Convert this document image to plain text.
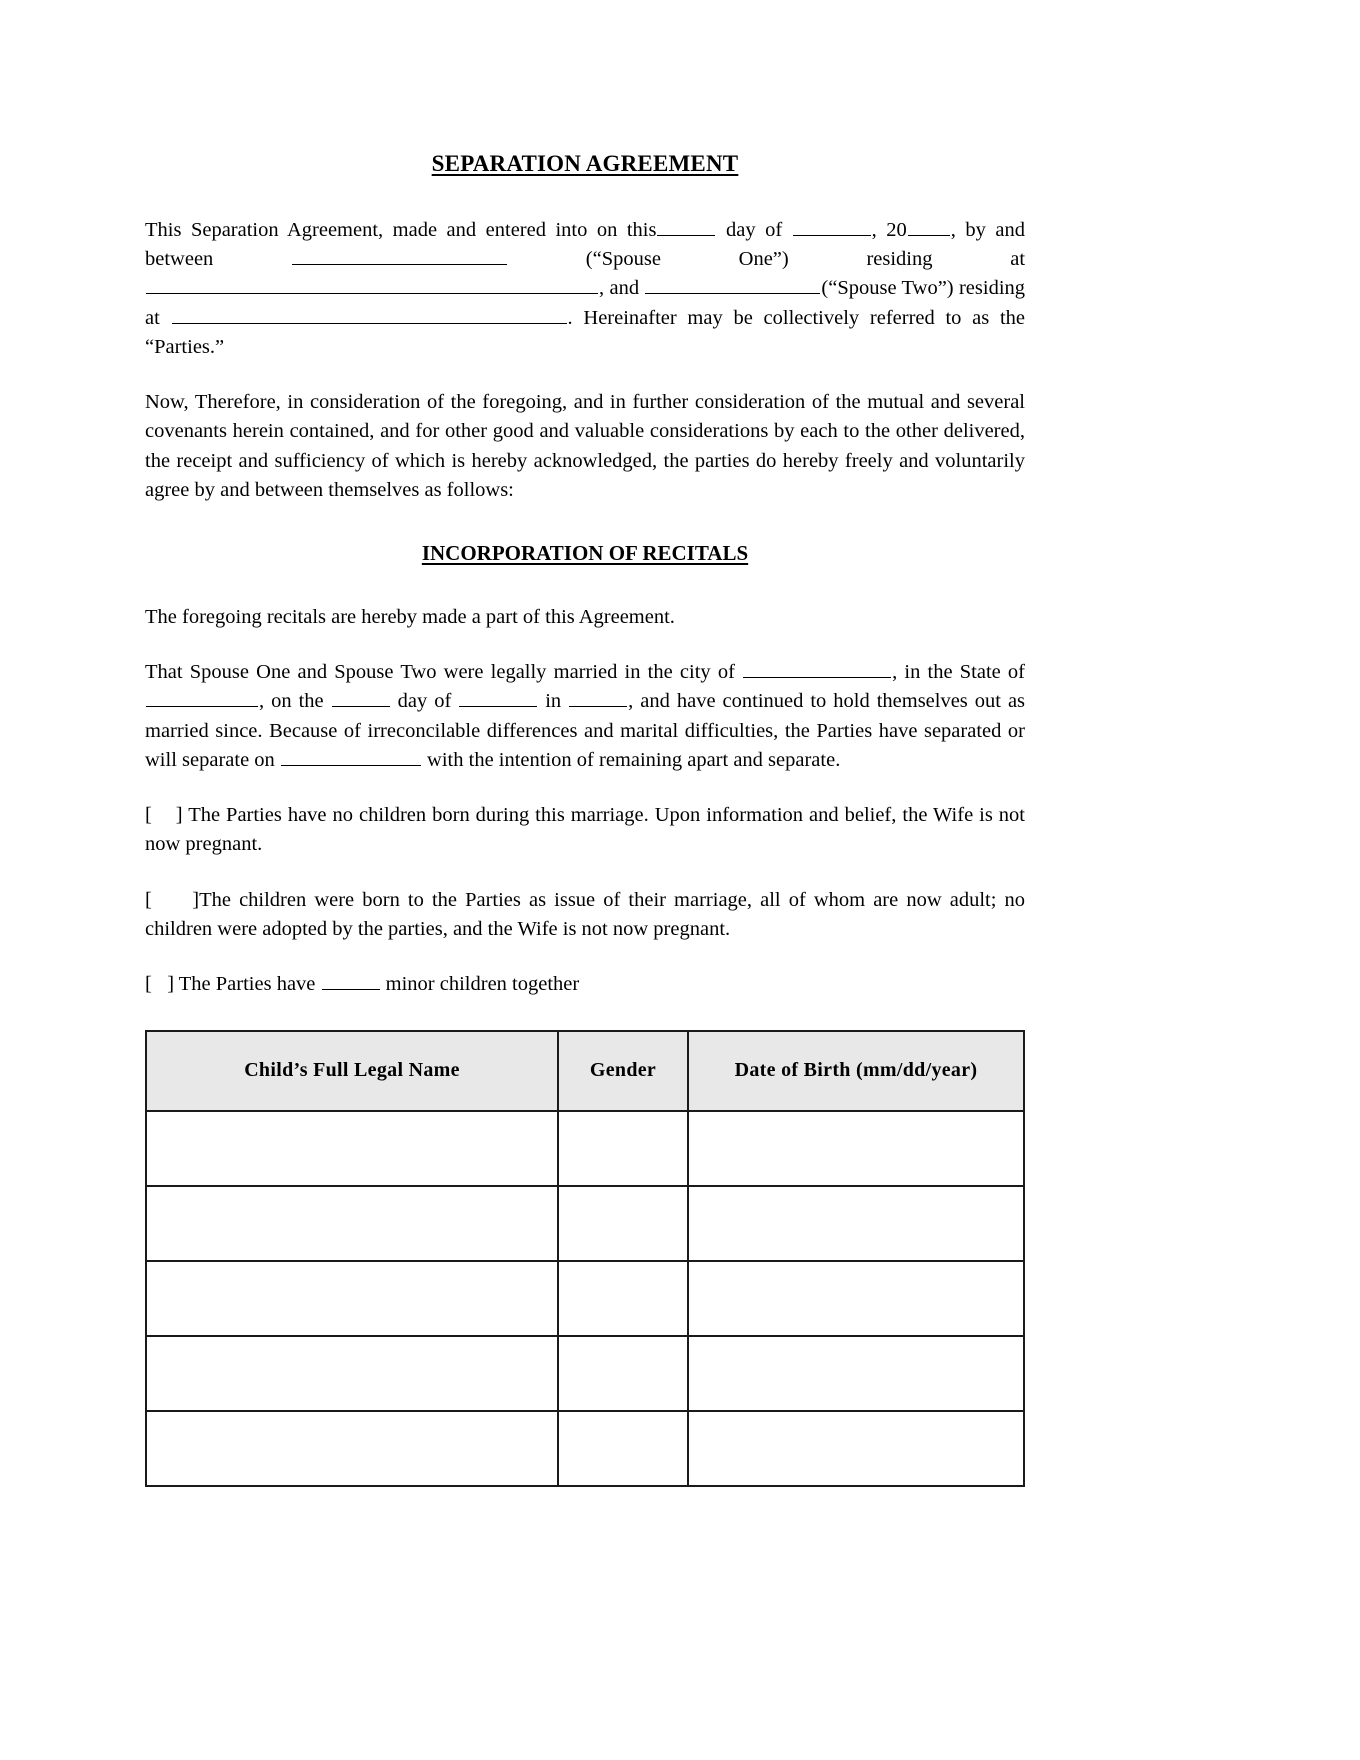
SEPARATION AGREEMENT

This Separation Agreement, made and entered into on this	day of	, 20 , by and between	(“Spouse One”) residing at , and	(“Spouse Two”) residing at	. Hereinafter may be collectively referred to as the “Parties.”

Now, Therefore, in consideration of the foregoing, and in further consideration of the mutual and several covenants herein contained, and for other good and valuable considerations by each to the other delivered, the receipt and sufficiency of which is hereby acknowledged, the parties do hereby freely and voluntarily agree by and between themselves as follows:

INCORPORATION OF RECITALS

The foregoing recitals are hereby made a part of this Agreement.

That Spouse One and Spouse Two were legally married in the city of	, in the State of , on the	day of	in	, and have continued to hold themselves out as married since. Because of irreconcilable differences and marital difficulties, the Parties have separated or will separate on	with the intention of remaining apart and separate.

[    ] The Parties have no children born during this marriage. Upon information and belief, the Wife is not now pregnant.

[     ]The children were born to the Parties as issue of their marriage, all of whom are now adult; no children were adopted by the parties, and the Wife is not now pregnant.

[   ] The Parties have	minor children together

Child’s Full Legal Name	Gender	Date of Birth (mm/dd/year)
